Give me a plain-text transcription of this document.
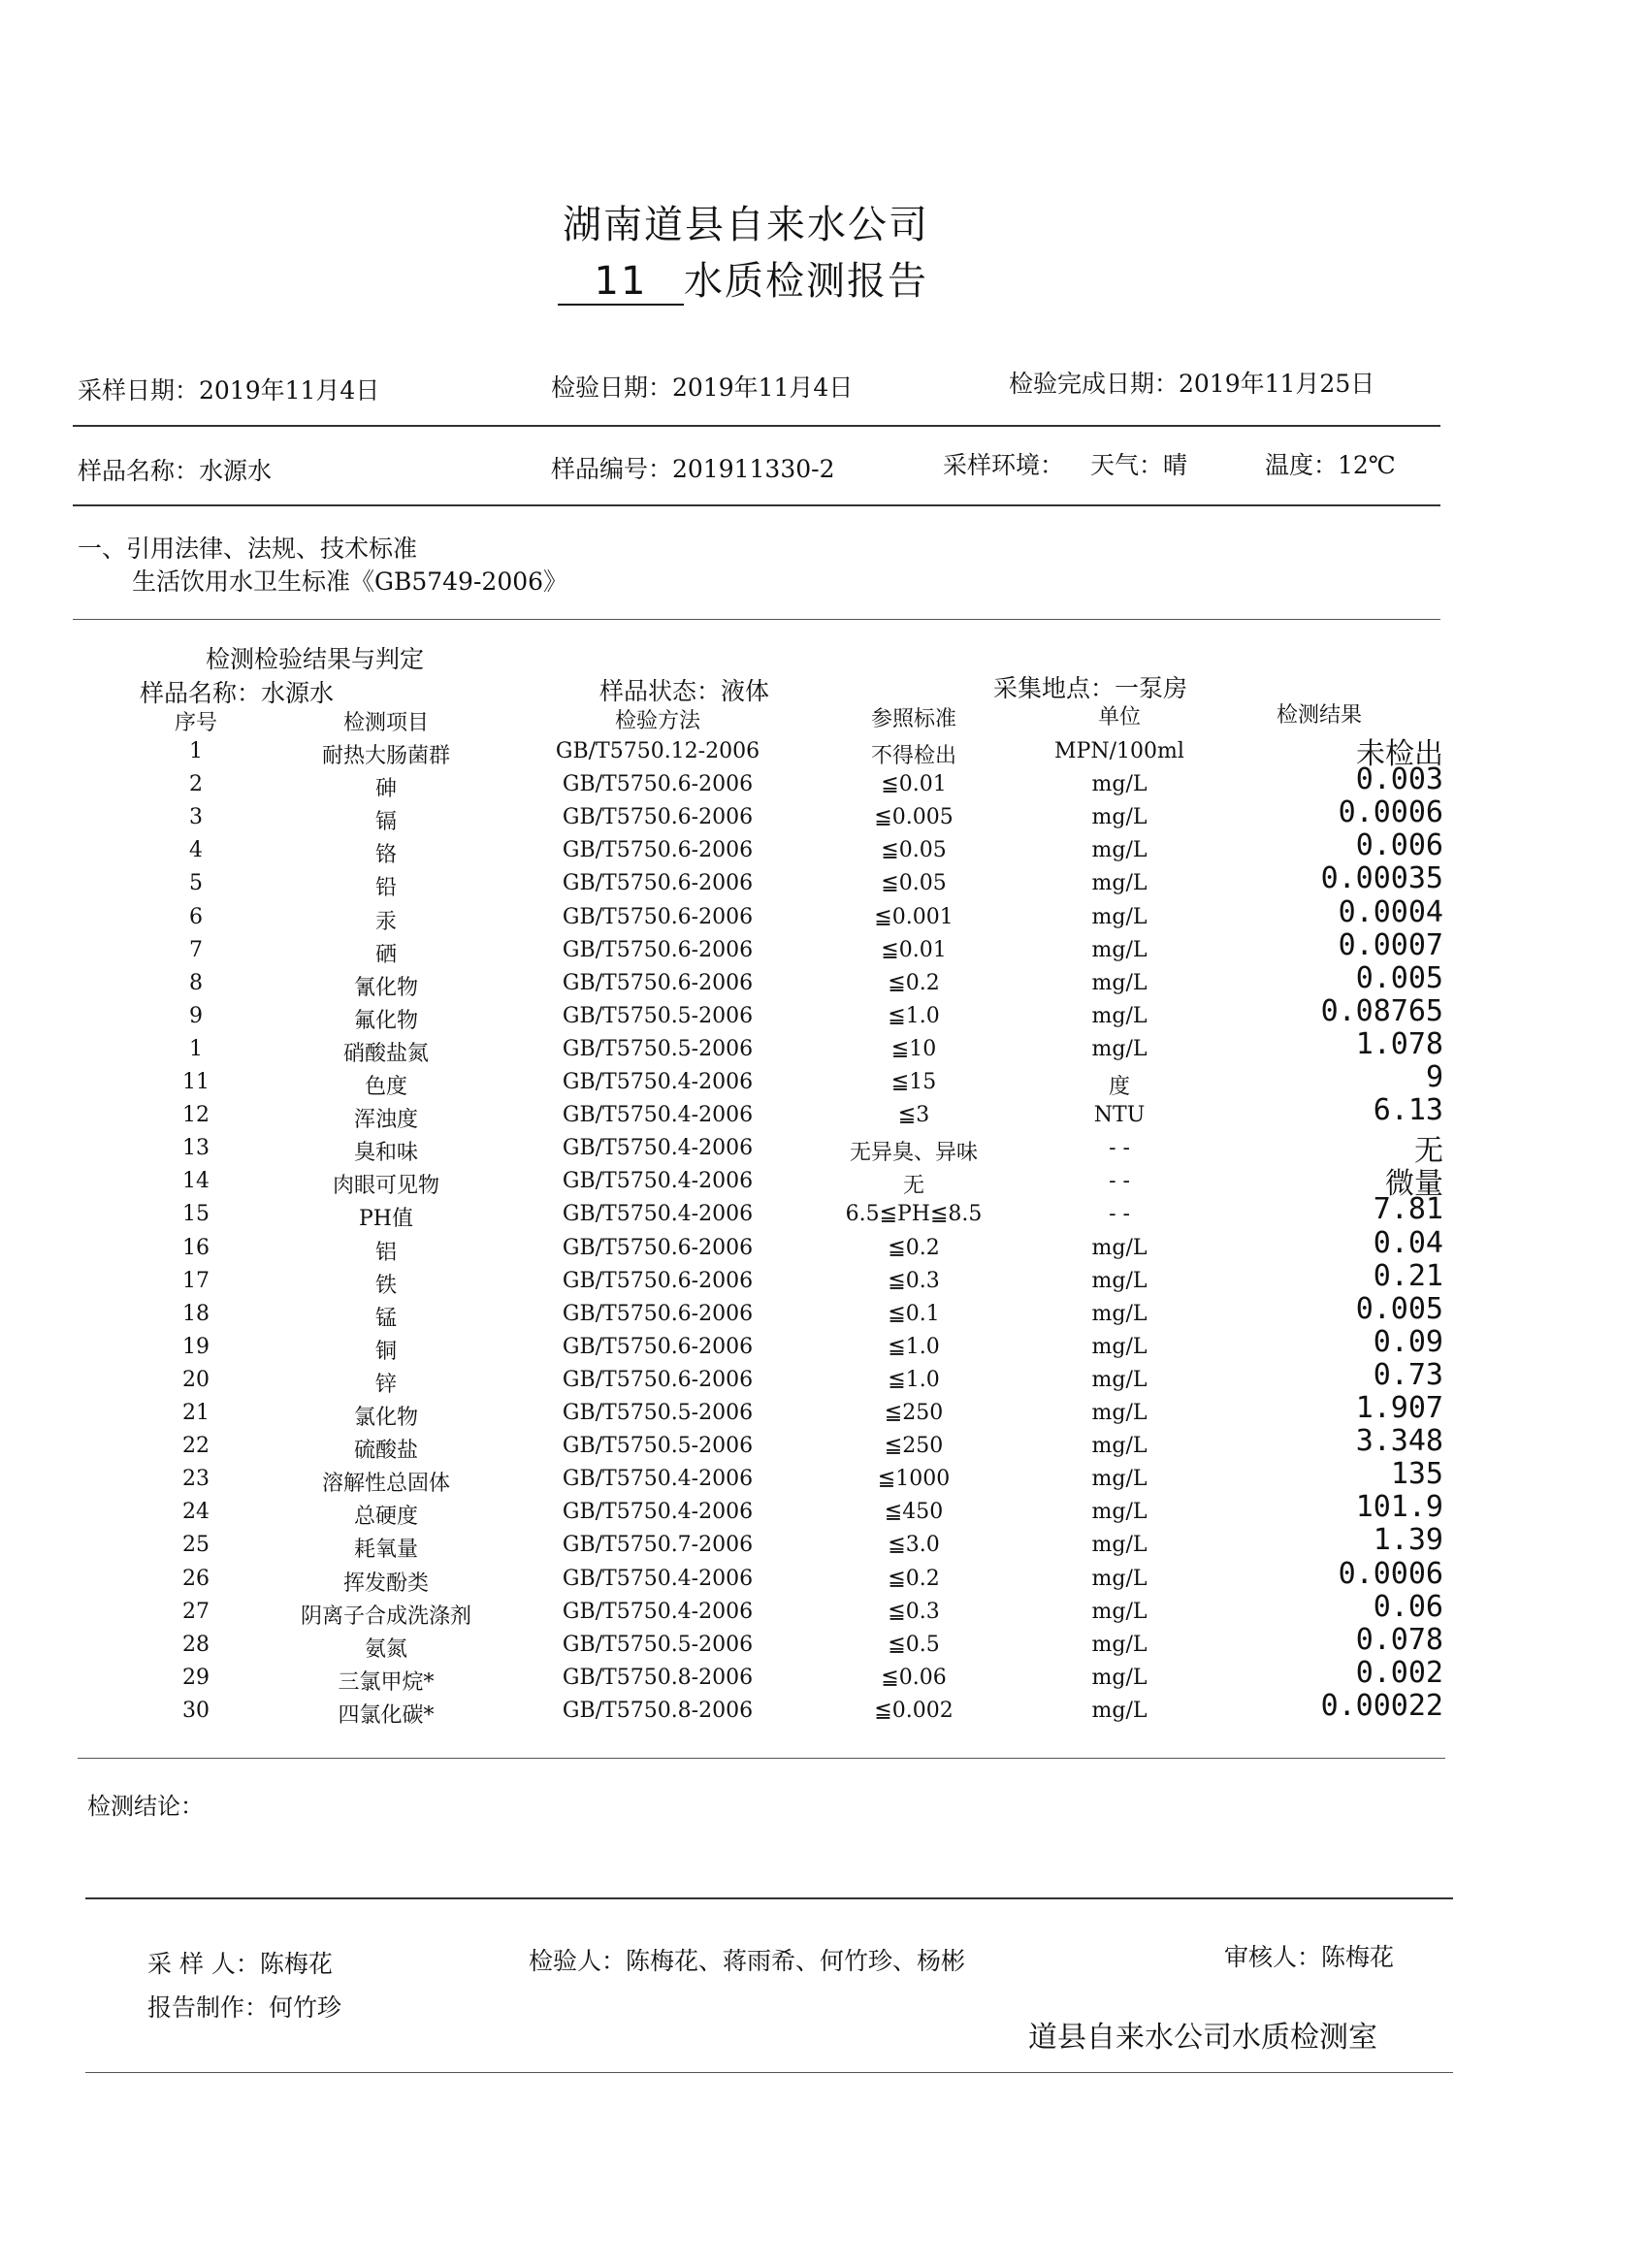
湖南道县自来水公司
11 水质检测报告
采样日期：2019年11月4日	检验日期：2019年11月4日	检验完成日期：2019年11月25日
样品名称：水源水	样品编号：201911330-2	采样环境： 天气：晴	温度：12℃
一、引用法律、法规、技术标准
生活饮用水卫生标准《GB5749-2006》
检测检验结果与判定
样品名称：水源水	样品状态：液体	采集地点：一泵房
序号	检测项目	检验方法	参照标准	单位	检测结果
1	耐热大肠菌群	GB/T5750.12-2006	不得检出	MPN/100ml	未检出
2	砷	GB/T5750.6-2006	≦0.01	mg/L	0.003
3	镉	GB/T5750.6-2006	≦0.005	mg/L	0.0006
4	铬	GB/T5750.6-2006	≦0.05	mg/L	0.006
5	铅	GB/T5750.6-2006	≦0.05	mg/L	0.00035
6	汞	GB/T5750.6-2006	≦0.001	mg/L	0.0004
7	硒	GB/T5750.6-2006	≦0.01	mg/L	0.0007
8	氰化物	GB/T5750.6-2006	≦0.2	mg/L	0.005
9	氟化物	GB/T5750.5-2006	≦1.0	mg/L	0.08765
1	硝酸盐氮	GB/T5750.5-2006	≦10	mg/L	1.078
11	色度	GB/T5750.4-2006	≦15	度	9
12	浑浊度	GB/T5750.4-2006	≦3	NTU	6.13
13	臭和味	GB/T5750.4-2006	无异臭、异味	- -	无
14	肉眼可见物	GB/T5750.4-2006	无	- -	微量
15	PH值	GB/T5750.4-2006	6.5≦PH≦8.5	- -	7.81
16	铝	GB/T5750.6-2006	≦0.2	mg/L	0.04
17	铁	GB/T5750.6-2006	≦0.3	mg/L	0.21
18	锰	GB/T5750.6-2006	≦0.1	mg/L	0.005
19	铜	GB/T5750.6-2006	≦1.0	mg/L	0.09
20	锌	GB/T5750.6-2006	≦1.0	mg/L	0.73
21	氯化物	GB/T5750.5-2006	≦250	mg/L	1.907
22	硫酸盐	GB/T5750.5-2006	≦250	mg/L	3.348
23	溶解性总固体	GB/T5750.4-2006	≦1000	mg/L	135
24	总硬度	GB/T5750.4-2006	≦450	mg/L	101.9
25	耗氧量	GB/T5750.7-2006	≦3.0	mg/L	1.39
26	挥发酚类	GB/T5750.4-2006	≦0.2	mg/L	0.0006
27	阴离子合成洗涤剂	GB/T5750.4-2006	≦0.3	mg/L	0.06
28	氨氮	GB/T5750.5-2006	≦0.5	mg/L	0.078
29	三氯甲烷*	GB/T5750.8-2006	≦0.06	mg/L	0.002
30	四氯化碳*	GB/T5750.8-2006	≦0.002	mg/L	0.00022
检测结论：
采 样 人：陈梅花	检验人：陈梅花、蒋雨希、何竹珍、杨彬	审核人：陈梅花
报告制作：何竹珍
道县自来水公司水质检测室
